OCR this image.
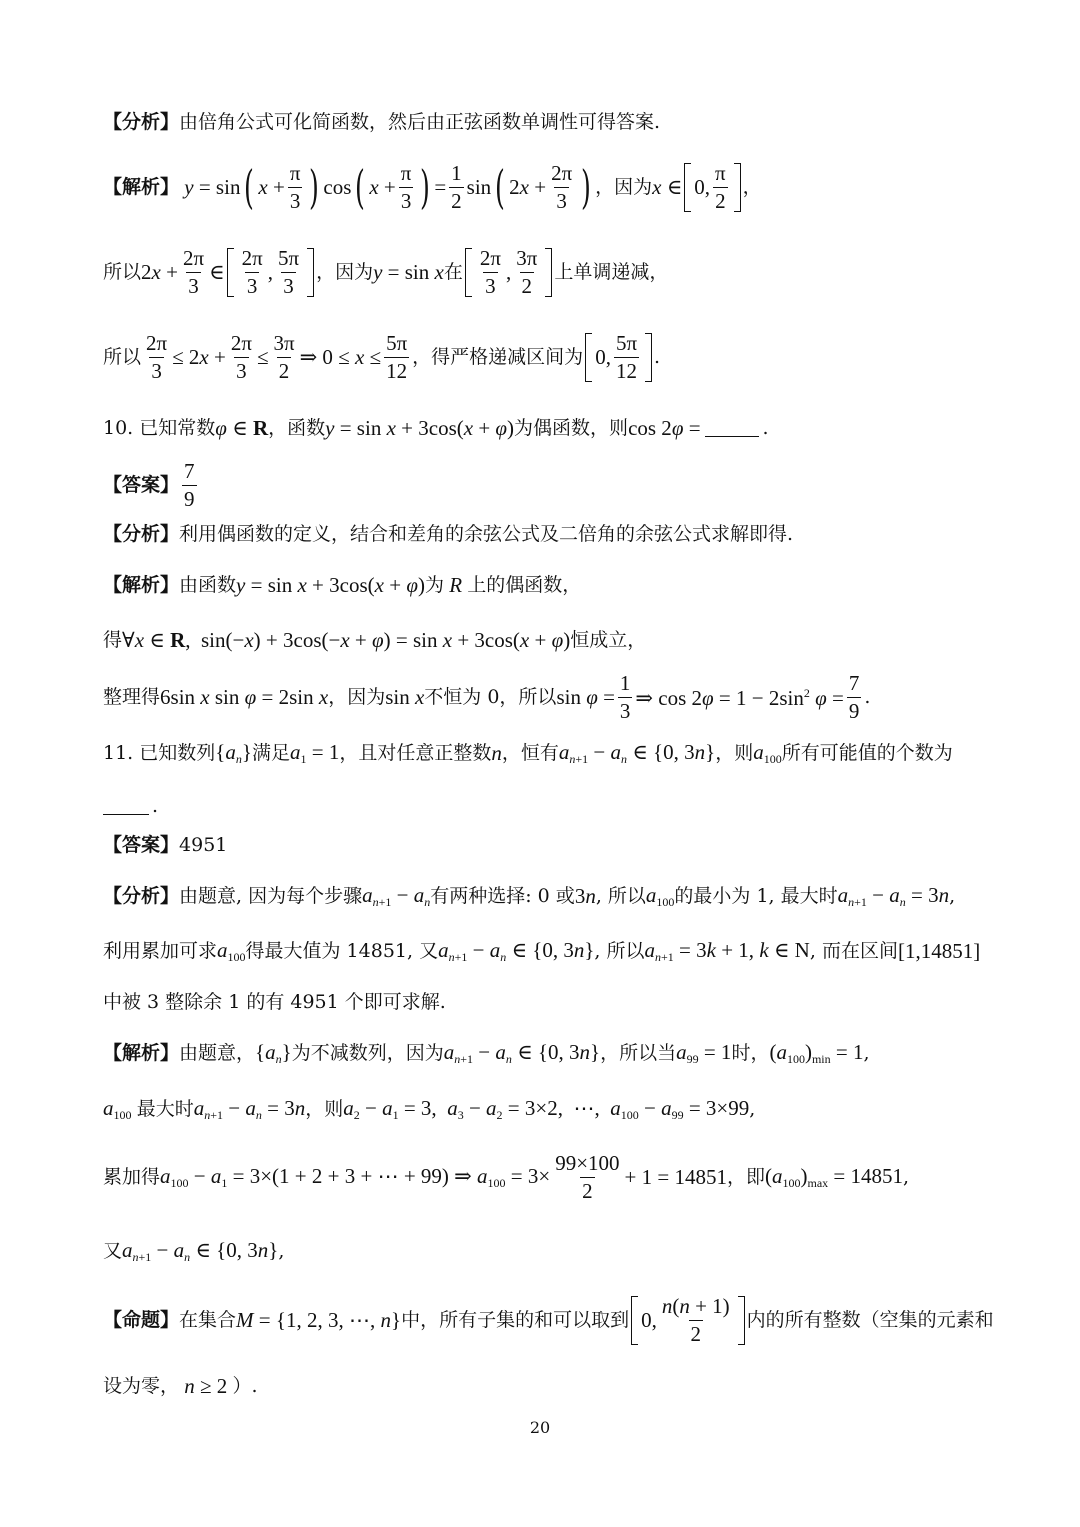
【分析】 由倍角公式可化简函数，然后由正弦函数单调性可得答案.
【解析】 y = sin ( $x + \frac{\pi}{3}$ ) cos ( $x + \frac{\pi}{3}$ ) = $\frac{1}{2}$ sin ( $2x + \frac{2\pi}{3}$ ) ，因为 x ∈ 0, $\frac{\pi}{2}$ ，
所以 $2x + \frac{2\pi}{3}$ ∈ $\frac{2\pi}{3}$ , $\frac{5\pi}{3}$ ，因为 y = sin x 在 $\frac{2\pi}{3}$ , $\frac{3\pi}{2}$ 上单调递减，
所以 $\frac{2\pi}{3} \le 2x + \frac{2\pi}{3} \le \frac{3\pi}{2}$ ⇒ $0 \le x \le \frac{5\pi}{12}$ ，得严格递减区间为 0, $\frac{5\pi}{12}$ .
10.
已知常数 φ ∈ R ，函数 y = sin x + 3cos(x + φ) 为偶函数，则 cos 2φ =	.
【答案】 $\frac{7}{9}$
【分析】 利用偶函数的定义，结合和差角的余弦公式及二倍角的余弦公式求解即得.
【解析】 由函数 y = sin x + 3cos(x + φ) 为 R 上的偶函数，
得 ∀x ∈ R,  sin(−x) + 3cos(−x + φ) = sin x + 3cos(x + φ) 恒成立，
整理得 6sin x sin φ = 2sin x ，因为 sin x 不恒为 0，所以 $\sin \varphi = \frac{1}{3}$ ⇒ $\cos 2\varphi = 1 - 2\sin^2$ $\varphi = \frac{7}{9}$ .
11.
已知数列 $\{a_n\}$ 满足 $a_1 = 1$ ，且对任意正整数 n ，恒有 $a_{n+1} - a_n$ ∈ {0, 3n} ，则 $a_{100}$ 所有可能值的个数为
.
【答案】 4951
【分析】 由题意, 因为每个步骤 $a_{n+1} - a_n$ 有两种选择: 0 或 3n , 所以 $a_{100}$ 的最小为 1, 最大时 $a_{n+1} - a_n = 3n$ ,
利用累加可求 $a_{100}$ 得最大值为 14851, 又 $a_{n+1} - a_n$ ∈ {0, 3n} , 所以 $a_{n+1} = 3k + 1$, k ∈ N , 而在区间 [1,14851]
中被 3 整除余 1 的有 4951 个即可求解.
【解析】 由题意， $\{a_n\}$ 为不减数列，因为 $a_{n+1} - a_n$ ∈ {0, 3n} ，所以当 $a_{99} = 1$ 时， $(a_{100})_{min} = 1$ ,
$a_{100}$ 最大时 $a_{n+1} - a_n = 3n$ ，则 $a_2 - a_1 = 3$,  $a_3 - a_2 = 3\times 2$,  ⋯,  $a_{100} - a_{99} = 3\times 99$ ,
累加得 $a_{100} - a_1 = 3\times(1 + 2 + 3$ + ⋯ + 99) ⇒ $a_{100} = 3\times \frac{99\times 100}{2} + 1 = 14851$ ，即 $(a_{100})_{max} = 14851$ ,
又 $a_{n+1} - a_n$ ∈ {0, 3n} ,
【命题】 在集合 M = {1, 2, 3, ⋯, n} 中，所有子集的和可以取到 0, $\frac{n(n + 1)}{2}$ 内的所有整数（空集的元素和
设为零， n ≥ 2 ）.
20
